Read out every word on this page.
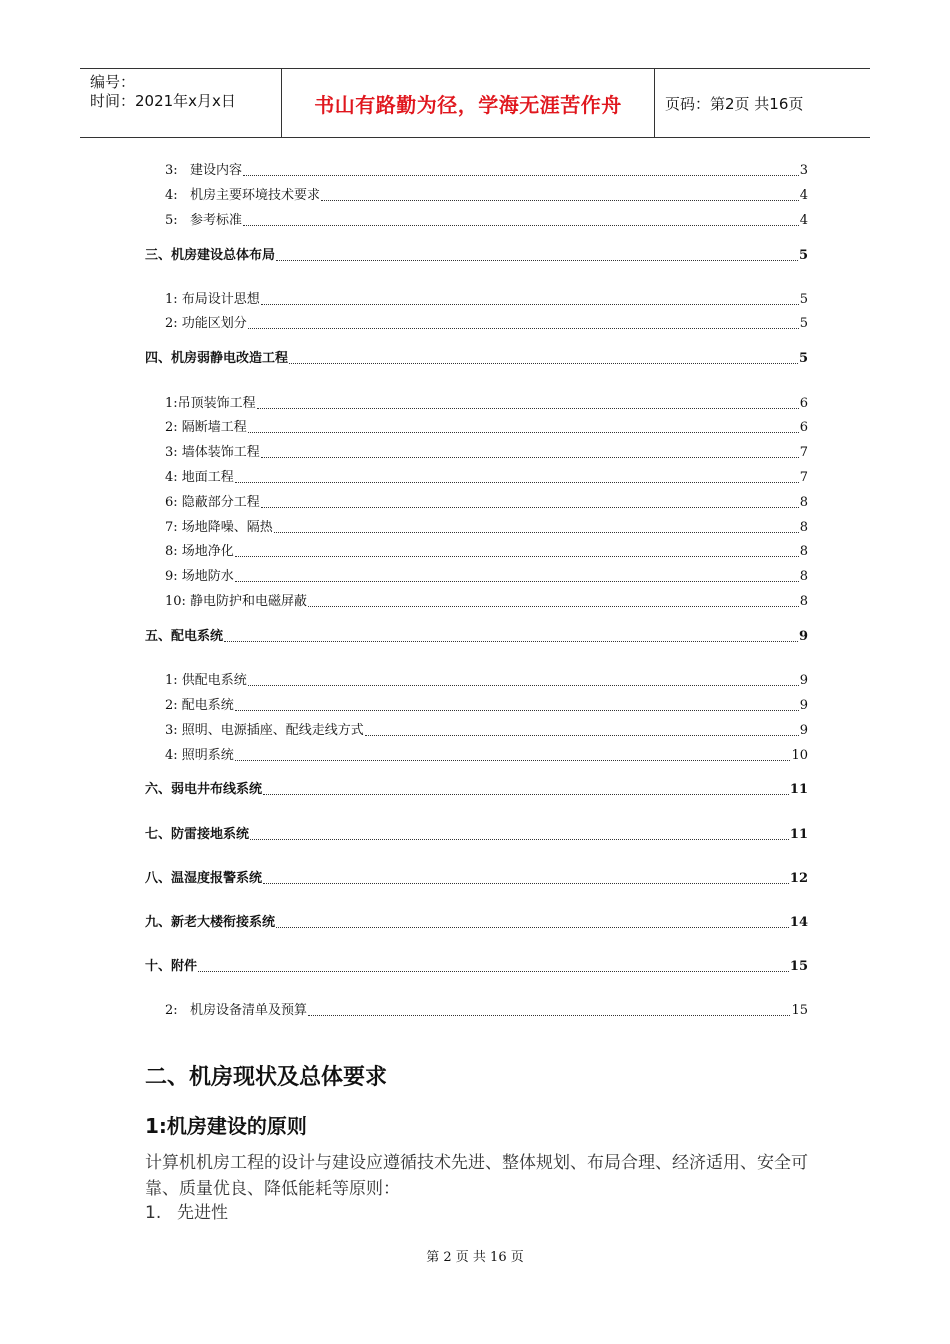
编号：
时间：2021年x月x日	书山有路勤为径，学海无涯苦作舟	页码：第2页 共16页
3:   建设内容	3
4:   机房主要环境技术要求	4
5:   参考标准	4
三、机房建设总体布局	5
1: 布局设计思想	5
2: 功能区划分	5
四、机房弱静电改造工程	5
1:吊顶装饰工程	6
2: 隔断墙工程	6
3: 墙体装饰工程	7
4: 地面工程	7
6: 隐蔽部分工程	8
7: 场地降噪、隔热	8
8: 场地净化	8
9: 场地防水	8
10: 静电防护和电磁屏蔽	8
五、配电系统	9
1: 供配电系统	9
2: 配电系统	9
3: 照明、电源插座、配线走线方式	9
4: 照明系统	10
六、弱电井布线系统	11
七、防雷接地系统	11
八、温湿度报警系统	12
九、新老大楼衔接系统	14
十、附件	15
2:   机房设备清单及预算	15
二、机房现状及总体要求
1:机房建设的原则
计算机机房工程的设计与建设应遵循技术先进、整体规划、布局合理、经济适用、安全可靠、质量优良、降低能耗等原则：
1. 先进性
第 2 页 共 16 页
